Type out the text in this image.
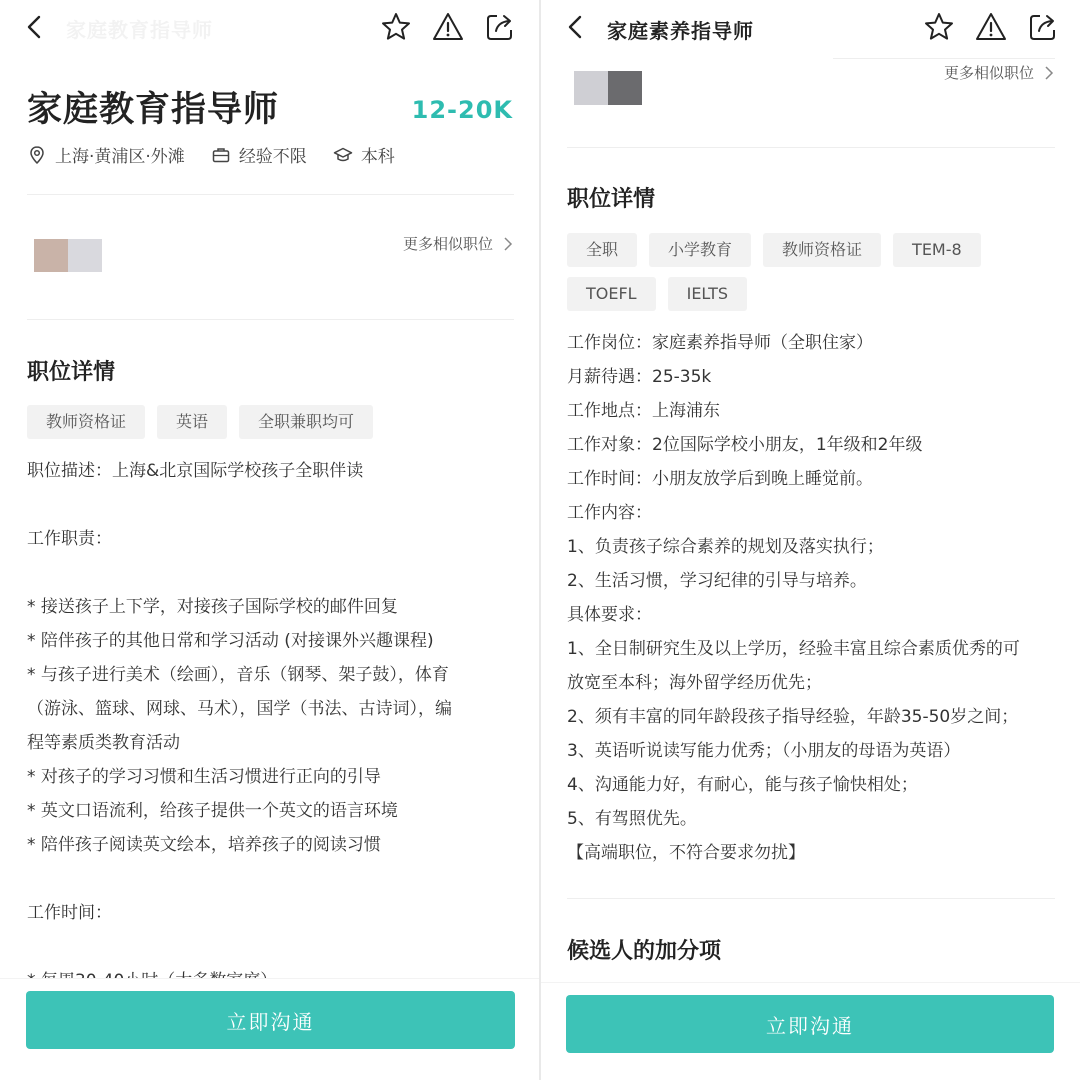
家庭教育指导师
家庭教育指导师	12-20K
上海·黄浦区·外滩	经验不限	本科
更多相似职位
职位详情
教师资格证	英语	全职兼职均可
职位描述：上海&北京国际学校孩子全职伴读
工作职责：
* 接送孩子上下学，对接孩子国际学校的邮件回复
* 陪伴孩子的其他日常和学习活动 (对接课外兴趣课程)
* 与孩子进行美术（绘画），音乐（钢琴、架子鼓），体育
（游泳、篮球、网球、马术），国学（书法、古诗词），编
程等素质类教育活动
* 对孩子的学习习惯和生活习惯进行正向的引导
* 英文口语流利，给孩子提供一个英文的语言环境
* 陪伴孩子阅读英文绘本，培养孩子的阅读习惯
工作时间：
立即沟通
家庭素养指导师
更多相似职位
职位详情
全职	小学教育	教师资格证	TEM-8
TOEFL	IELTS
工作岗位：家庭素养指导师（全职住家）
月薪待遇：25-35k
工作地点：上海浦东
工作对象：2位国际学校小朋友，1年级和2年级
工作时间：小朋友放学后到晚上睡觉前。
工作内容：
1、负责孩子综合素养的规划及落实执行；
2、生活习惯，学习纪律的引导与培养。
具体要求：
1、全日制研究生及以上学历，经验丰富且综合素质优秀的可
放宽至本科；海外留学经历优先；
2、须有丰富的同年龄段孩子指导经验，年龄35-50岁之间；
3、英语听说读写能力优秀；（小朋友的母语为英语）
4、沟通能力好，有耐心，能与孩子愉快相处；
5、有驾照优先。
【高端职位，不符合要求勿扰】
候选人的加分项
立即沟通
